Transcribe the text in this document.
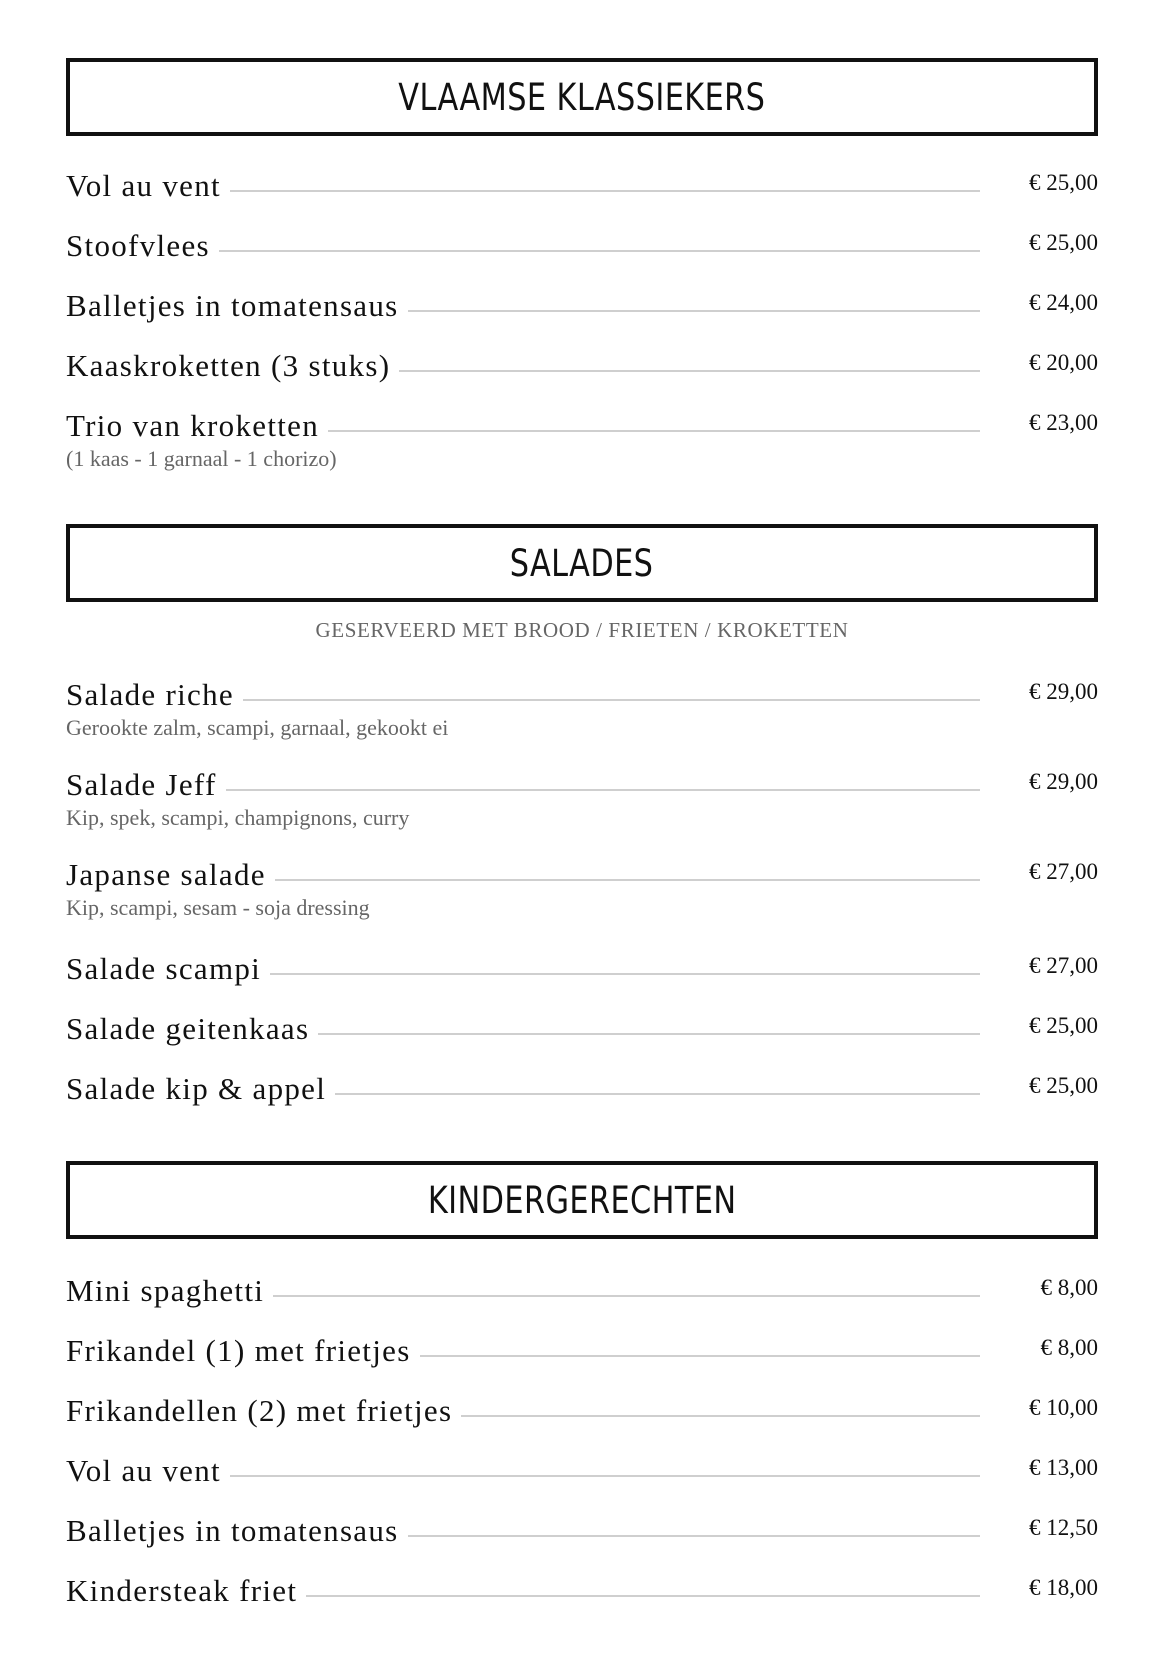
VLAAMSE KLASSIEKERS
Vol au vent	€ 25,00
Stoofvlees	€ 25,00
Balletjes in tomatensaus	€ 24,00
Kaaskroketten (3 stuks)	€ 20,00
Trio van kroketten	€ 23,00
(1 kaas - 1 garnaal - 1 chorizo)
SALADES
GESERVEERD MET BROOD / FRIETEN / KROKETTEN
Salade riche	€ 29,00
Gerookte zalm, scampi, garnaal, gekookt ei
Salade Jeff	€ 29,00
Kip, spek, scampi, champignons, curry
Japanse salade	€ 27,00
Kip, scampi, sesam - soja dressing
Salade scampi	€ 27,00
Salade geitenkaas	€ 25,00
Salade kip & appel	€ 25,00
KINDERGERECHTEN
Mini spaghetti	€ 8,00
Frikandel (1) met frietjes	€ 8,00
Frikandellen (2) met frietjes	€ 10,00
Vol au vent	€ 13,00
Balletjes in tomatensaus	€ 12,50
Kindersteak friet	€ 18,00
